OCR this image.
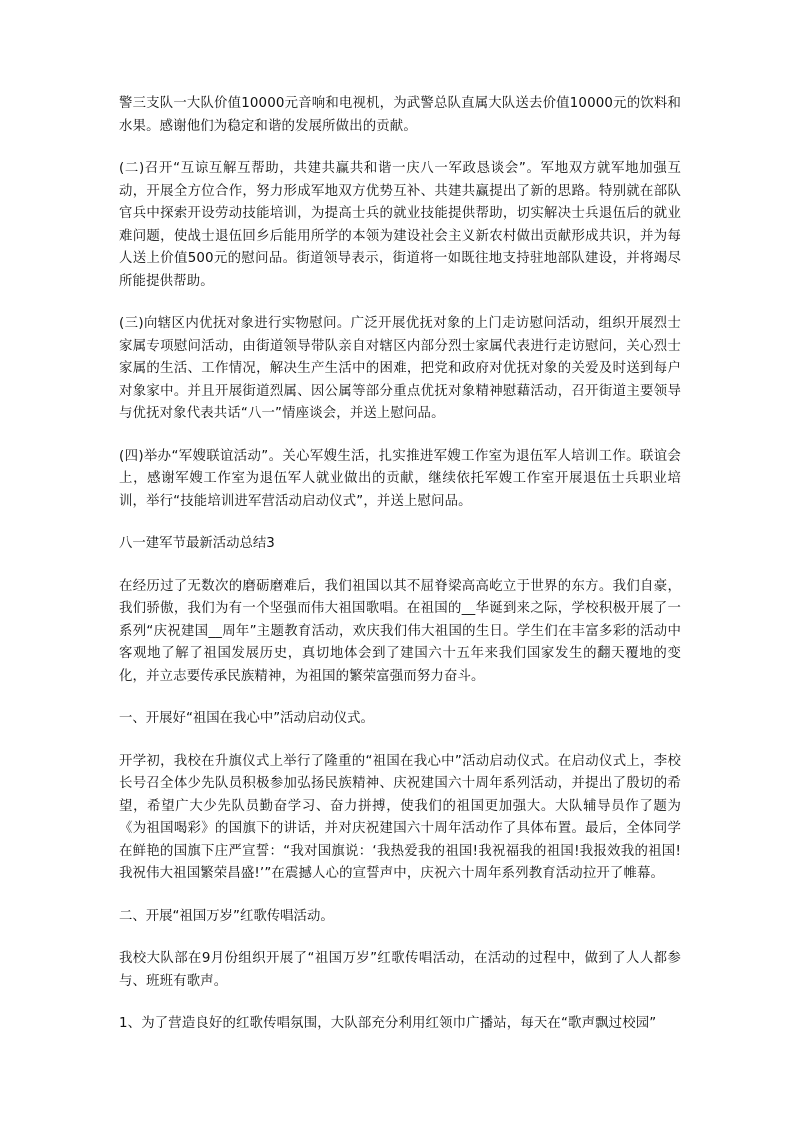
警三支队一大队价值10000元音响和电视机，为武警总队直属大队送去价值10000元的饮料和水果。感谢他们为稳定和谐的发展所做出的贡献。

(二)召开“互谅互解互帮助，共建共赢共和谐一庆八一军政恳谈会”。军地双方就军地加强互动，开展全方位合作，努力形成军地双方优势互补、共建共赢提出了新的思路。特别就在部队官兵中探索开设劳动技能培训，为提高士兵的就业技能提供帮助，切实解决士兵退伍后的就业难问题，使战士退伍回乡后能用所学的本领为建设社会主义新农村做出贡献形成共识，并为每人送上价值500元的慰问品。街道领导表示，街道将一如既往地支持驻地部队建设，并将竭尽所能提供帮助。

(三)向辖区内优抚对象进行实物慰问。广泛开展优抚对象的上门走访慰问活动，组织开展烈士家属专项慰问活动，由街道领导带队亲自对辖区内部分烈士家属代表进行走访慰问，关心烈士家属的生活、工作情况，解决生产生活中的困难，把党和政府对优抚对象的关爱及时送到每户对象家中。并且开展街道烈属、因公属等部分重点优抚对象精神慰藉活动，召开街道主要领导与优抚对象代表共话“八一”情座谈会，并送上慰问品。

(四)举办“军嫂联谊活动”。关心军嫂生活，扎实推进军嫂工作室为退伍军人培训工作。联谊会上，感谢军嫂工作室为退伍军人就业做出的贡献，继续依托军嫂工作室开展退伍士兵职业培训，举行“技能培训进军营活动启动仪式”，并送上慰问品。

八一建军节最新活动总结3

在经历过了无数次的磨砺磨难后，我们祖国以其不屈脊梁高高屹立于世界的东方。我们自豪，我们骄傲，我们为有一个坚强而伟大祖国歌唱。在祖国的__华诞到来之际，学校积极开展了一系列“庆祝建国__周年”主题教育活动，欢庆我们伟大祖国的生日。学生们在丰富多彩的活动中客观地了解了祖国发展历史，真切地体会到了建国六十五年来我们国家发生的翻天覆地的变化，并立志要传承民族精神，为祖国的繁荣富强而努力奋斗。

一、开展好“祖国在我心中”活动启动仪式。

开学初，我校在升旗仪式上举行了隆重的“祖国在我心中”活动启动仪式。在启动仪式上，李校长号召全体少先队员积极参加弘扬民族精神、庆祝建国六十周年系列活动，并提出了殷切的希望，希望广大少先队员勤奋学习、奋力拼搏，使我们的祖国更加强大。大队辅导员作了题为《为祖国喝彩》的国旗下的讲话，并对庆祝建国六十周年活动作了具体布置。最后，全体同学在鲜艳的国旗下庄严宣誓：“我对国旗说：‘我热爱我的祖国!我祝福我的祖国!我报效我的祖国!我祝伟大祖国繁荣昌盛!’”在震撼人心的宣誓声中，庆祝六十周年系列教育活动拉开了帷幕。

二、开展“祖国万岁”红歌传唱活动。

我校大队部在9月份组织开展了“祖国万岁”红歌传唱活动，在活动的过程中，做到了人人都参与、班班有歌声。

1、为了营造良好的红歌传唱氛围，大队部充分利用红领巾广播站，每天在“歌声飘过校园”
